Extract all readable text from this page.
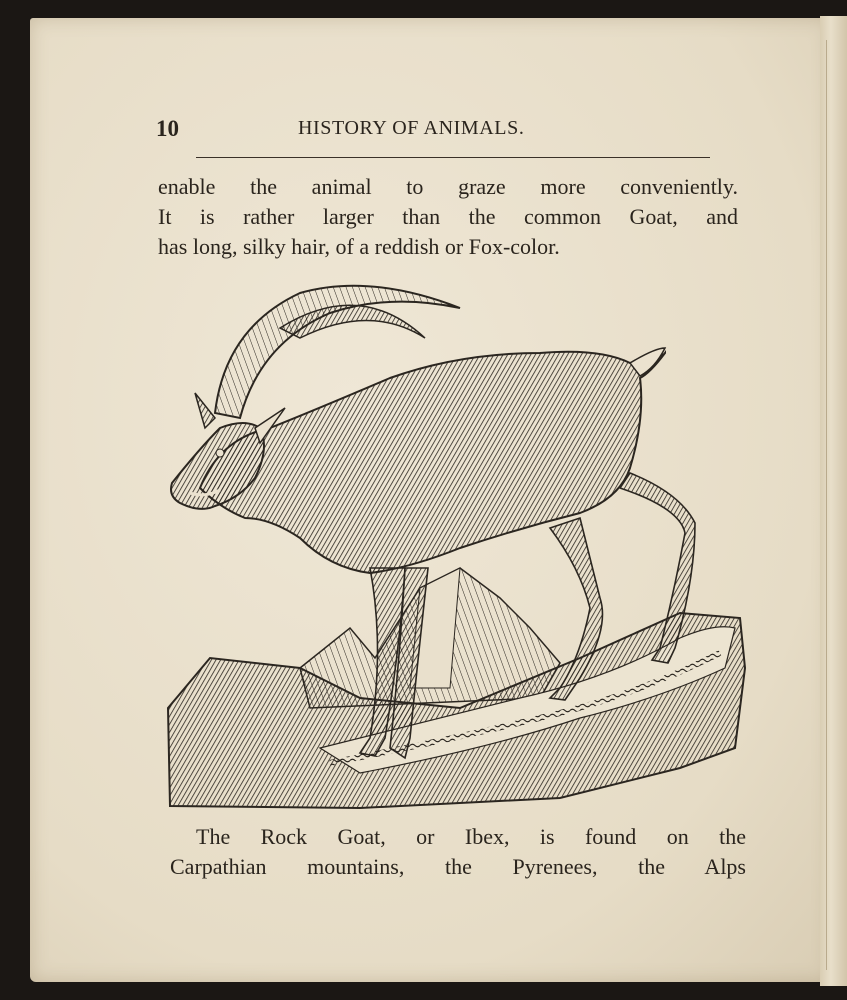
10	HISTORY OF ANIMALS.
enable the animal to graze more conveniently.
It is rather larger than the common Goat, and
has long, silky hair, of a reddish or Fox-color.
The Rock Goat, or Ibex, is found on the
Carpathian mountains, the Pyrenees, the Alps
